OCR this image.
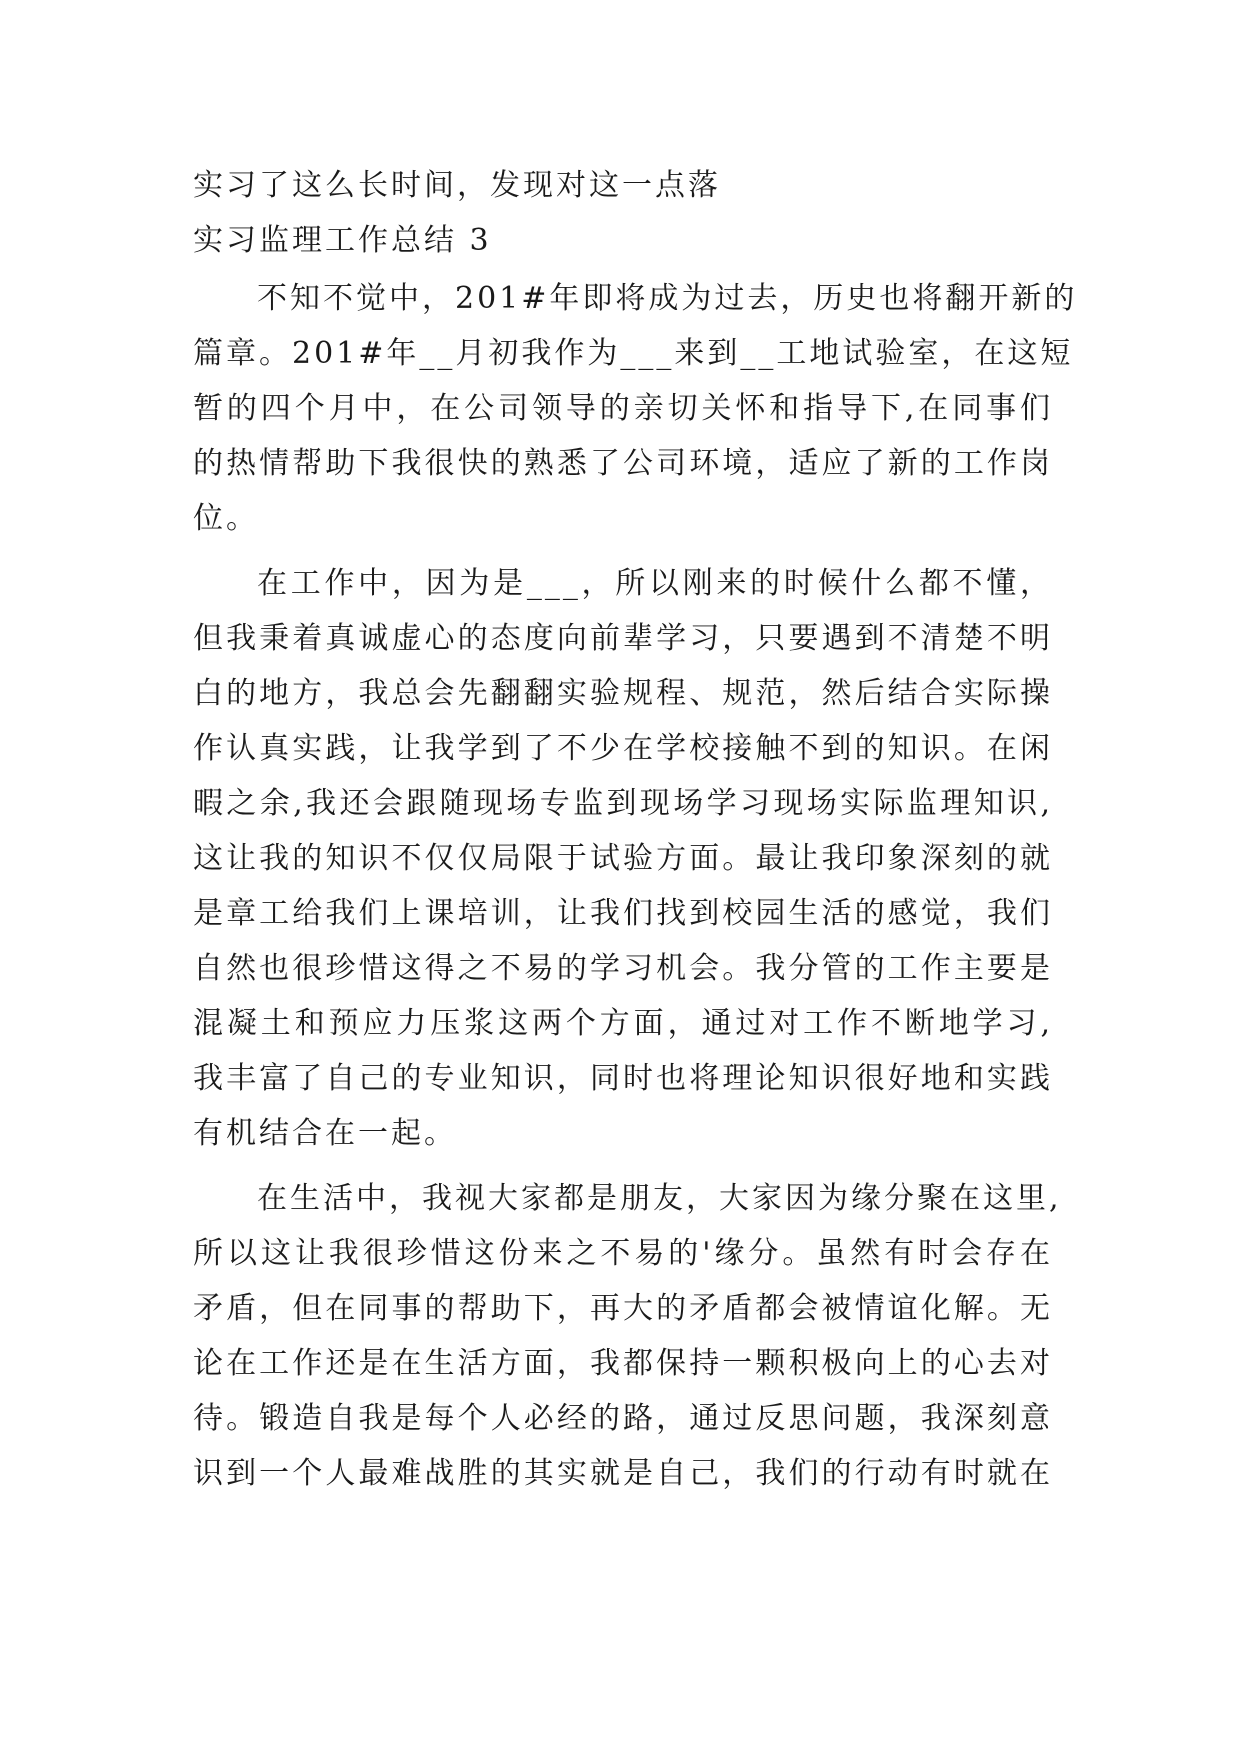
实习了这么长时间，发现对这一点落
实习监理工作总结 3
不知不觉中，201#年即将成为过去，历史也将翻开新的
篇章。201#年__月初我作为___来到__工地试验室，在这短
暂的四个月中，在公司领导的亲切关怀和指导下,在同事们
的热情帮助下我很快的熟悉了公司环境，适应了新的工作岗
位。
在工作中，因为是___，所以刚来的时候什么都不懂，
但我秉着真诚虚心的态度向前辈学习，只要遇到不清楚不明
白的地方，我总会先翻翻实验规程、规范，然后结合实际操
作认真实践，让我学到了不少在学校接触不到的知识。在闲
暇之余,我还会跟随现场专监到现场学习现场实际监理知识,
这让我的知识不仅仅局限于试验方面。最让我印象深刻的就
是章工给我们上课培训，让我们找到校园生活的感觉，我们
自然也很珍惜这得之不易的学习机会。我分管的工作主要是
混凝土和预应力压浆这两个方面，通过对工作不断地学习,
我丰富了自己的专业知识，同时也将理论知识很好地和实践
有机结合在一起。
在生活中，我视大家都是朋友，大家因为缘分聚在这里,
所以这让我很珍惜这份来之不易的'缘分。虽然有时会存在
矛盾，但在同事的帮助下，再大的矛盾都会被情谊化解。无
论在工作还是在生活方面，我都保持一颗积极向上的心去对
待。锻造自我是每个人必经的路，通过反思问题，我深刻意
识到一个人最难战胜的其实就是自己，我们的行动有时就在
